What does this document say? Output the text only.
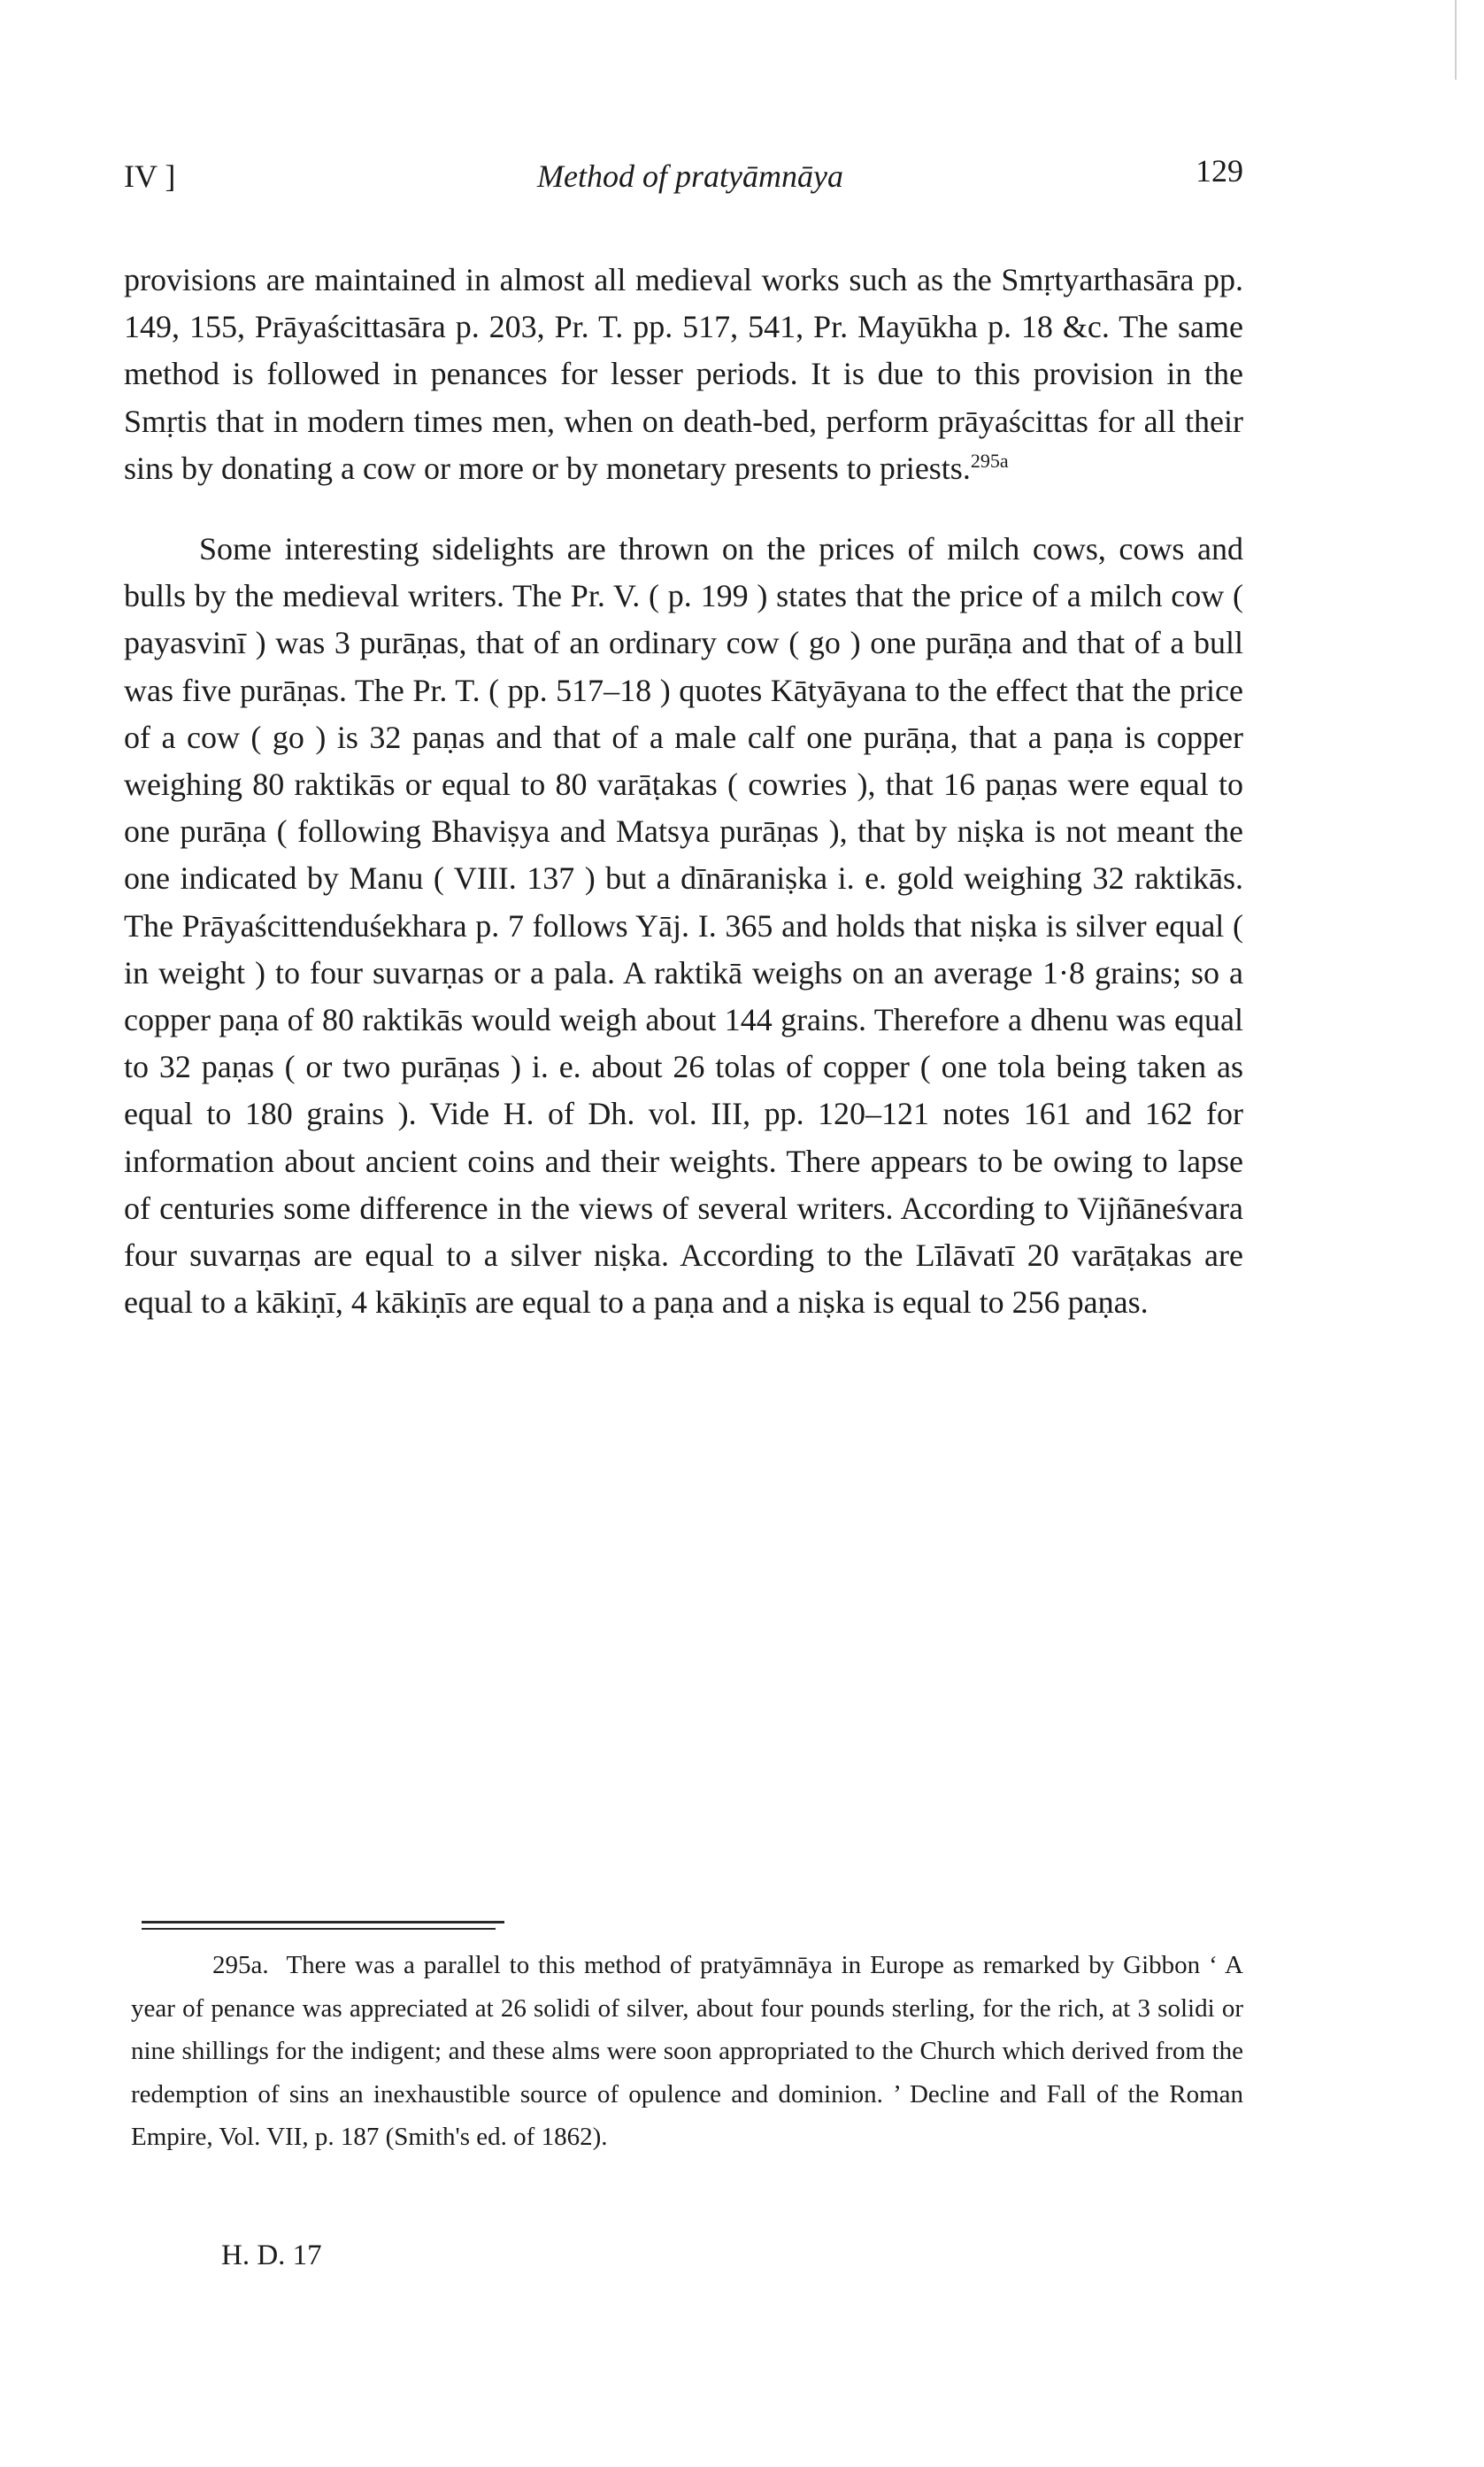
IV ]	Method of pratyāmnāya	129

provisions are maintained in almost all medieval works such as the Smṛtyarthasāra pp. 149, 155, Prāyaścittasāra p. 203, Pr. T. pp. 517, 541, Pr. Mayūkha p. 18 &c. The same method is followed in penances for lesser periods. It is due to this provision in the Smṛtis that in modern times men, when on death-bed, perform prāyaścittas for all their sins by donating a cow or more or by monetary presents to priests.$^{295a}$

Some interesting sidelights are thrown on the prices of milch cows, cows and bulls by the medieval writers. The Pr. V. ( p. 199 ) states that the price of a milch cow ( payasvinī ) was 3 purāṇas, that of an ordinary cow ( go ) one purāṇa and that of a bull was five purāṇas. The Pr. T. ( pp. 517–18 ) quotes Kātyāyana to the effect that the price of a cow ( go ) is 32 paṇas and that of a male calf one purāṇa, that a paṇa is copper weighing 80 raktikās or equal to 80 varāṭakas ( cowries ), that 16 paṇas were equal to one purāṇa ( following Bhaviṣya and Matsya purāṇas ), that by niṣka is not meant the one indicated by Manu ( VIII. 137 ) but a dīnāraniṣka i. e. gold weighing 32 raktikās. The Prāyaścittenduśekhara p. 7 follows Yāj. I. 365 and holds that niṣka is silver equal ( in weight ) to four suvarṇas or a pala. A raktikā weighs on an average 1·8 grains; so a copper paṇa of 80 raktikās would weigh about 144 grains. Therefore a dhenu was equal to 32 paṇas ( or two purāṇas ) i. e. about 26 tolas of copper ( one tola being taken as equal to 180 grains ). Vide H. of Dh. vol. III, pp. 120–121 notes 161 and 162 for information about ancient coins and their weights. There appears to be owing to lapse of centuries some difference in the views of several writers. According to Vijñāneśvara four suvarṇas are equal to a silver niṣka. According to the Līlāvatī 20 varāṭakas are equal to a kākiṇī, 4 kākiṇīs are equal to a paṇa and a niṣka is equal to 256 paṇas.

295a. There was a parallel to this method of pratyāmnāya in Europe as remarked by Gibbon ‘ A year of penance was appreciated at 26 solidi of silver, about four pounds sterling, for the rich, at 3 solidi or nine shillings for the indigent; and these alms were soon appropriated to the Church which derived from the redemption of sins an inexhaustible source of opulence and dominion. ’ Decline and Fall of the Roman Empire, Vol. VII, p. 187 (Smith's ed. of 1862).

H. D. 17
